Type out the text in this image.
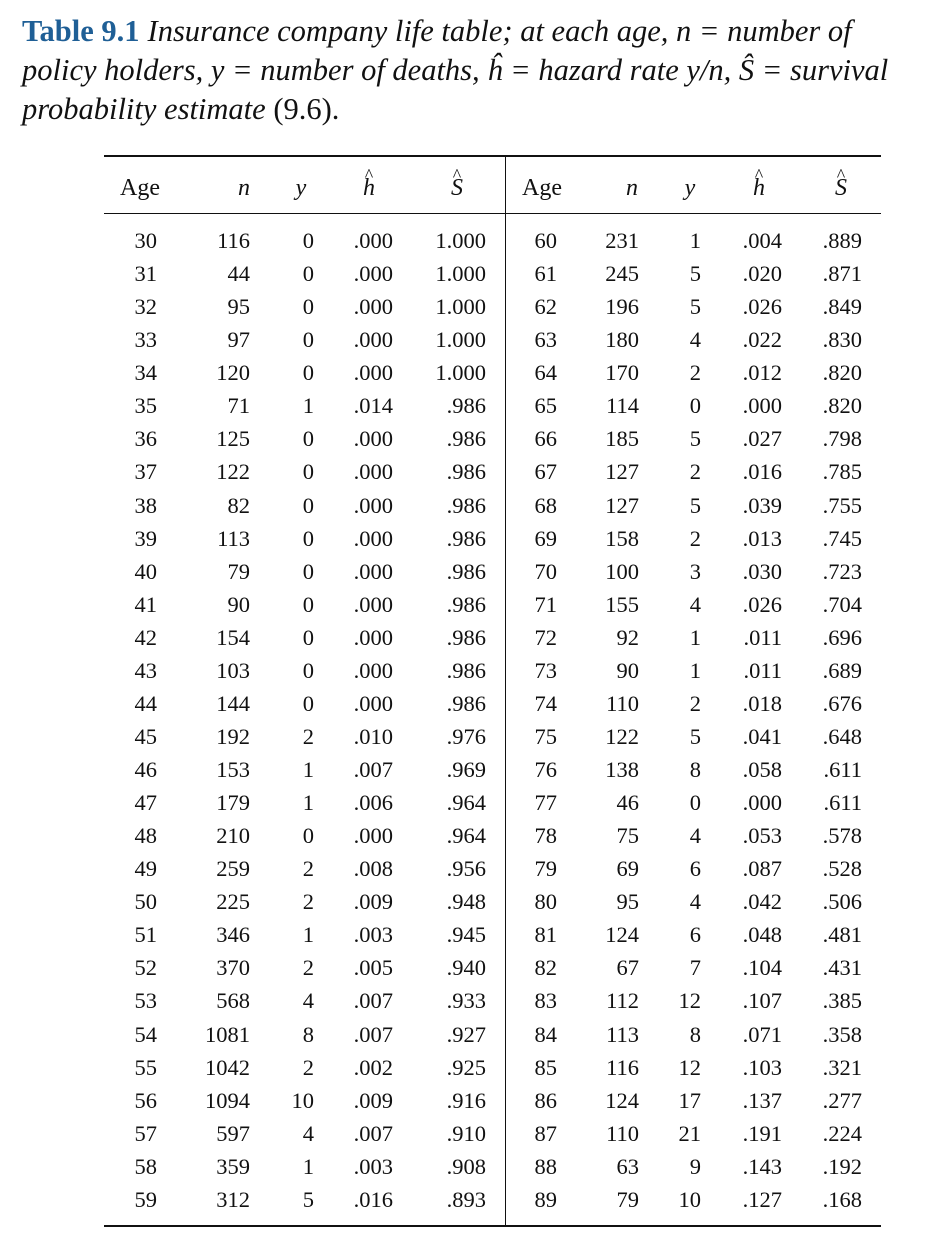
Table 9.1 Insurance company life table; at each age, n = number of policy holders, y = number of deaths, ĥ = hazard rate y/n, Ŝ = survival probability estimate (9.6).
Age	n	y	^ h	^ S	Age	n	y	^ h	^ S
30	116	0	.000	1.000	60	231	1	.004	.889
31	44	0	.000	1.000	61	245	5	.020	.871
32	95	0	.000	1.000	62	196	5	.026	.849
33	97	0	.000	1.000	63	180	4	.022	.830
34	120	0	.000	1.000	64	170	2	.012	.820
35	71	1	.014	.986	65	114	0	.000	.820
36	125	0	.000	.986	66	185	5	.027	.798
37	122	0	.000	.986	67	127	2	.016	.785
38	82	0	.000	.986	68	127	5	.039	.755
39	113	0	.000	.986	69	158	2	.013	.745
40	79	0	.000	.986	70	100	3	.030	.723
41	90	0	.000	.986	71	155	4	.026	.704
42	154	0	.000	.986	72	92	1	.011	.696
43	103	0	.000	.986	73	90	1	.011	.689
44	144	0	.000	.986	74	110	2	.018	.676
45	192	2	.010	.976	75	122	5	.041	.648
46	153	1	.007	.969	76	138	8	.058	.611
47	179	1	.006	.964	77	46	0	.000	.611
48	210	0	.000	.964	78	75	4	.053	.578
49	259	2	.008	.956	79	69	6	.087	.528
50	225	2	.009	.948	80	95	4	.042	.506
51	346	1	.003	.945	81	124	6	.048	.481
52	370	2	.005	.940	82	67	7	.104	.431
53	568	4	.007	.933	83	112	12	.107	.385
54	1081	8	.007	.927	84	113	8	.071	.358
55	1042	2	.002	.925	85	116	12	.103	.321
56	1094	10	.009	.916	86	124	17	.137	.277
57	597	4	.007	.910	87	110	21	.191	.224
58	359	1	.003	.908	88	63	9	.143	.192
59	312	5	.016	.893	89	79	10	.127	.168
